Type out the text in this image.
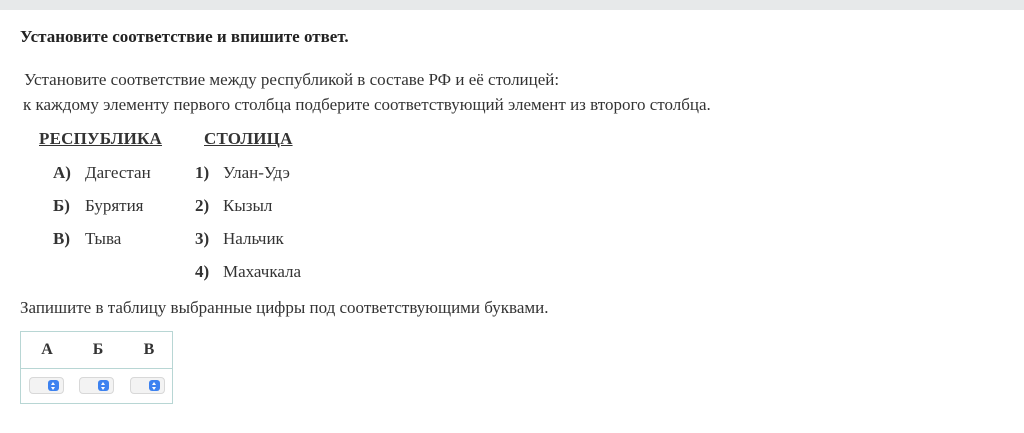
Установите соответствие и впишите ответ.
Установите соответствие между республикой в составе РФ и её столицей:
к каждому элементу первого столбца подберите соответствующий элемент из второго столбца.
РЕСПУБЛИКА СТОЛИЦА
А) Дагестан
Б) Бурятия
В) Тыва
1) Улан-Удэ
2) Кызыл
3) Нальчик
4) Махачкала
Запишите в таблицу выбранные цифры под соответствующими буквами.
А Б	В
